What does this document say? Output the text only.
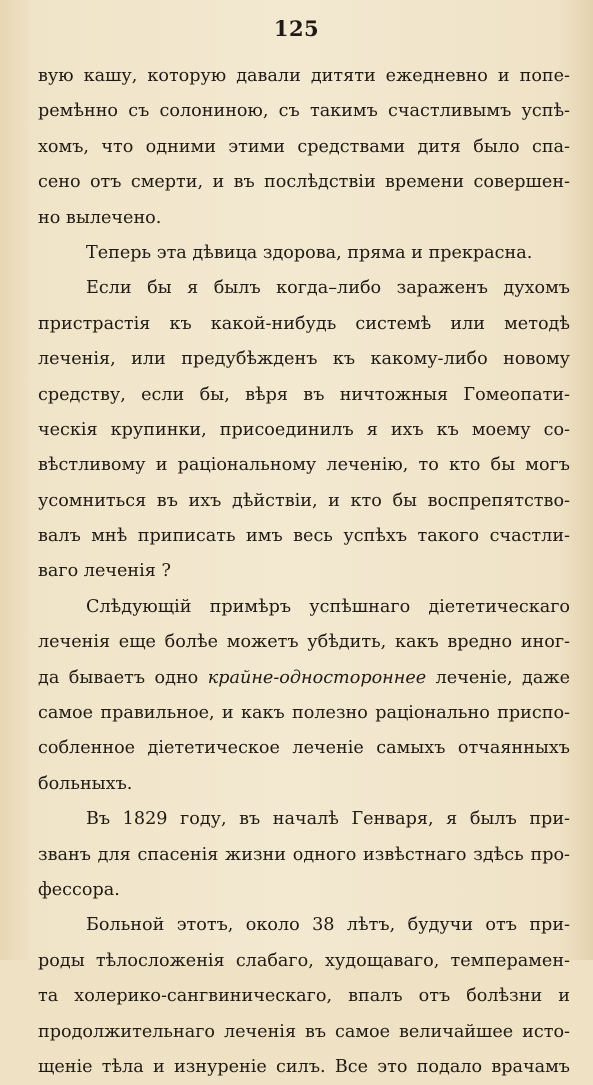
125
вую кашу, которую давали дитяти ежедневно и попе-
ремѣнно съ солониною, съ такимъ счастливымъ успѣ-
хомъ, что одними этими средствами дитя было спа-
сено отъ смерти, и въ послѣдствіи времени совершен-
но вылечено.
Теперь эта дѣвица здорова, пряма и прекрасна.
Если бы я былъ когда–либо зараженъ духомъ
пристрастія къ какой-нибудь системѣ или методѣ
леченія, или предубѣжденъ къ какому-либо новому
средству, если бы, вѣря въ ничтожныя Гомеопати-
ческія крупинки, присоединилъ я ихъ къ моему со-
вѣстливому и раціональному леченію, то кто бы могъ
усомниться въ ихъ дѣйствіи, и кто бы воспрепятство-
валъ мнѣ приписать имъ весь успѣхъ такого счастли-
ваго леченія ?
Слѣдующій примѣръ успѣшнаго діететическаго
леченія еще болѣе можетъ убѣдить, какъ вредно иног-
да бываетъ одно крайне-одностороннее леченіе, даже
самое правильное, и какъ полезно раціонально приспо-
собленное діететическое леченіе самыхъ отчаянныхъ
больныхъ.
Въ 1829 году, въ началѣ Генваря, я былъ при-
званъ для спасенія жизни одного извѣстнаго здѣсь про-
фессора.
Больной этотъ, около 38 лѣтъ, будучи отъ при-
роды тѣлосложенія слабаго, худощаваго, темперамен-
та холерико-сангвиническаго, впалъ отъ болѣзни и
продолжительнаго леченія въ самое величайшее исто-
щеніе тѣла и изнуреніе силъ. Все это подало врачамъ
